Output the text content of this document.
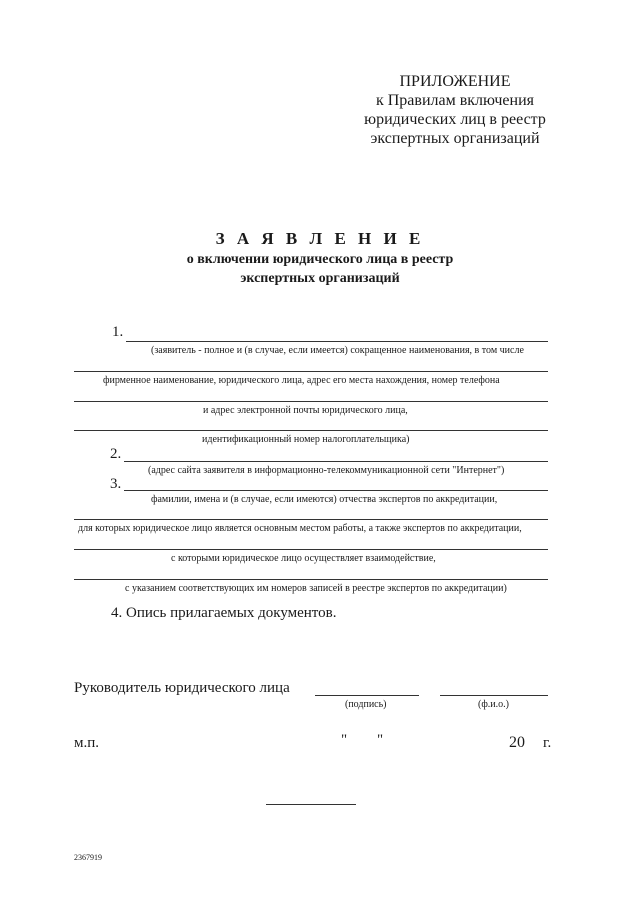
ПРИЛОЖЕНИЕ
к Правилам включения
юридических лиц в реестр
экспертных организаций
З А Я В Л Е Н И Е
о включении юридического лица в реестр
экспертных организаций
1.
(заявитель - полное и (в случае, если имеется) сокращенное наименования, в том числе
фирменное наименование, юридического лица, адрес его места нахождения, номер телефона
и адрес электронной почты юридического лица,
идентификационный номер налогоплательщика)
2.
(адрес сайта заявителя в информационно-телекоммуникационной сети "Интернет")
3.
фамилии, имена и (в случае, если имеются) отчества экспертов по аккредитации,
для которых юридическое лицо является основным местом работы, а также экспертов по аккредитации,
с которыми юридическое лицо осуществляет взаимодействие,
с указанием соответствующих им номеров записей в реестре экспертов по аккредитации)
4. Опись прилагаемых документов.
Руководитель юридического лица
(подпись)	(ф.и.о.)
м.п.	" "	20 г.
2367919
